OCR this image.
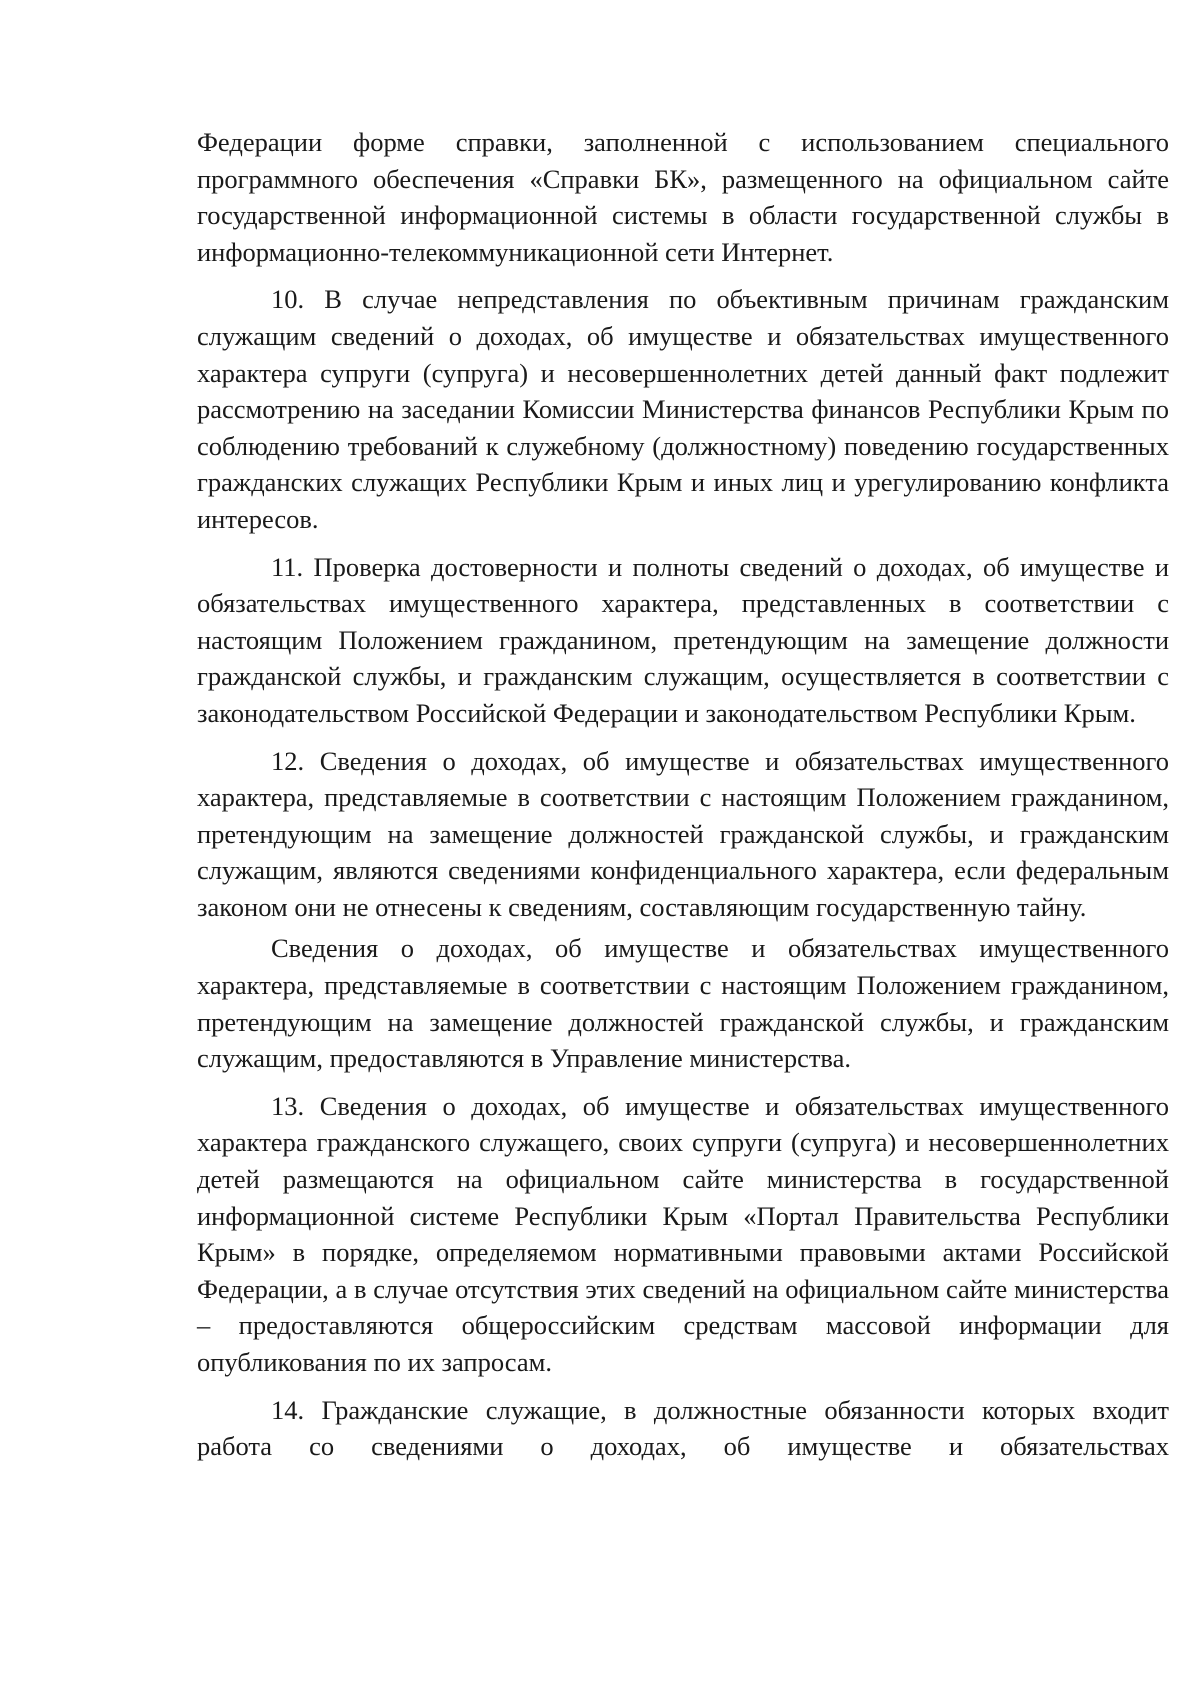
Федерации форме справки, заполненной с использованием специального программного обеспечения «Справки БК», размещенного на официальном сайте государственной информационной системы в области государственной службы в информационно-телекоммуникационной сети Интернет.

10. В случае непредставления по объективным причинам гражданским служащим сведений о доходах, об имуществе и обязательствах имущественного характера супруги (супруга) и несовершеннолетних детей данный факт подлежит рассмотрению на заседании Комиссии Министерства финансов Республики Крым по соблюдению требований к служебному (должностному) поведению государственных гражданских служащих Республики Крым и иных лиц и урегулированию конфликта интересов.

11. Проверка достоверности и полноты сведений о доходах, об имуществе и обязательствах имущественного характера, представленных в соответствии с настоящим Положением гражданином, претендующим на замещение должности гражданской службы, и гражданским служащим, осуществляется в соответствии с законодательством Российской Федерации и законодательством Республики Крым.

12. Сведения о доходах, об имуществе и обязательствах имущественного характера, представляемые в соответствии с настоящим Положением гражданином, претендующим на замещение должностей гражданской службы, и гражданским служащим, являются сведениями конфиденциального характера, если федеральным законом они не отнесены к сведениям, составляющим государственную тайну.

Сведения о доходах, об имуществе и обязательствах имущественного характера, представляемые в соответствии с настоящим Положением гражданином, претендующим на замещение должностей гражданской службы, и гражданским служащим, предоставляются в Управление министерства.

13. Сведения о доходах, об имуществе и обязательствах имущественного характера гражданского служащего, своих супруги (супруга) и несовершеннолетних детей размещаются на официальном сайте министерства в государственной информационной системе Республики Крым «Портал Правительства Республики Крым» в порядке, определяемом нормативными правовыми актами Российской Федерации, а в случае отсутствия этих сведений на официальном сайте министерства – предоставляются общероссийским средствам массовой информации для опубликования по их запросам.

14. Гражданские служащие, в должностные обязанности которых входит работа со сведениями о доходах, об имуществе и обязательствах
